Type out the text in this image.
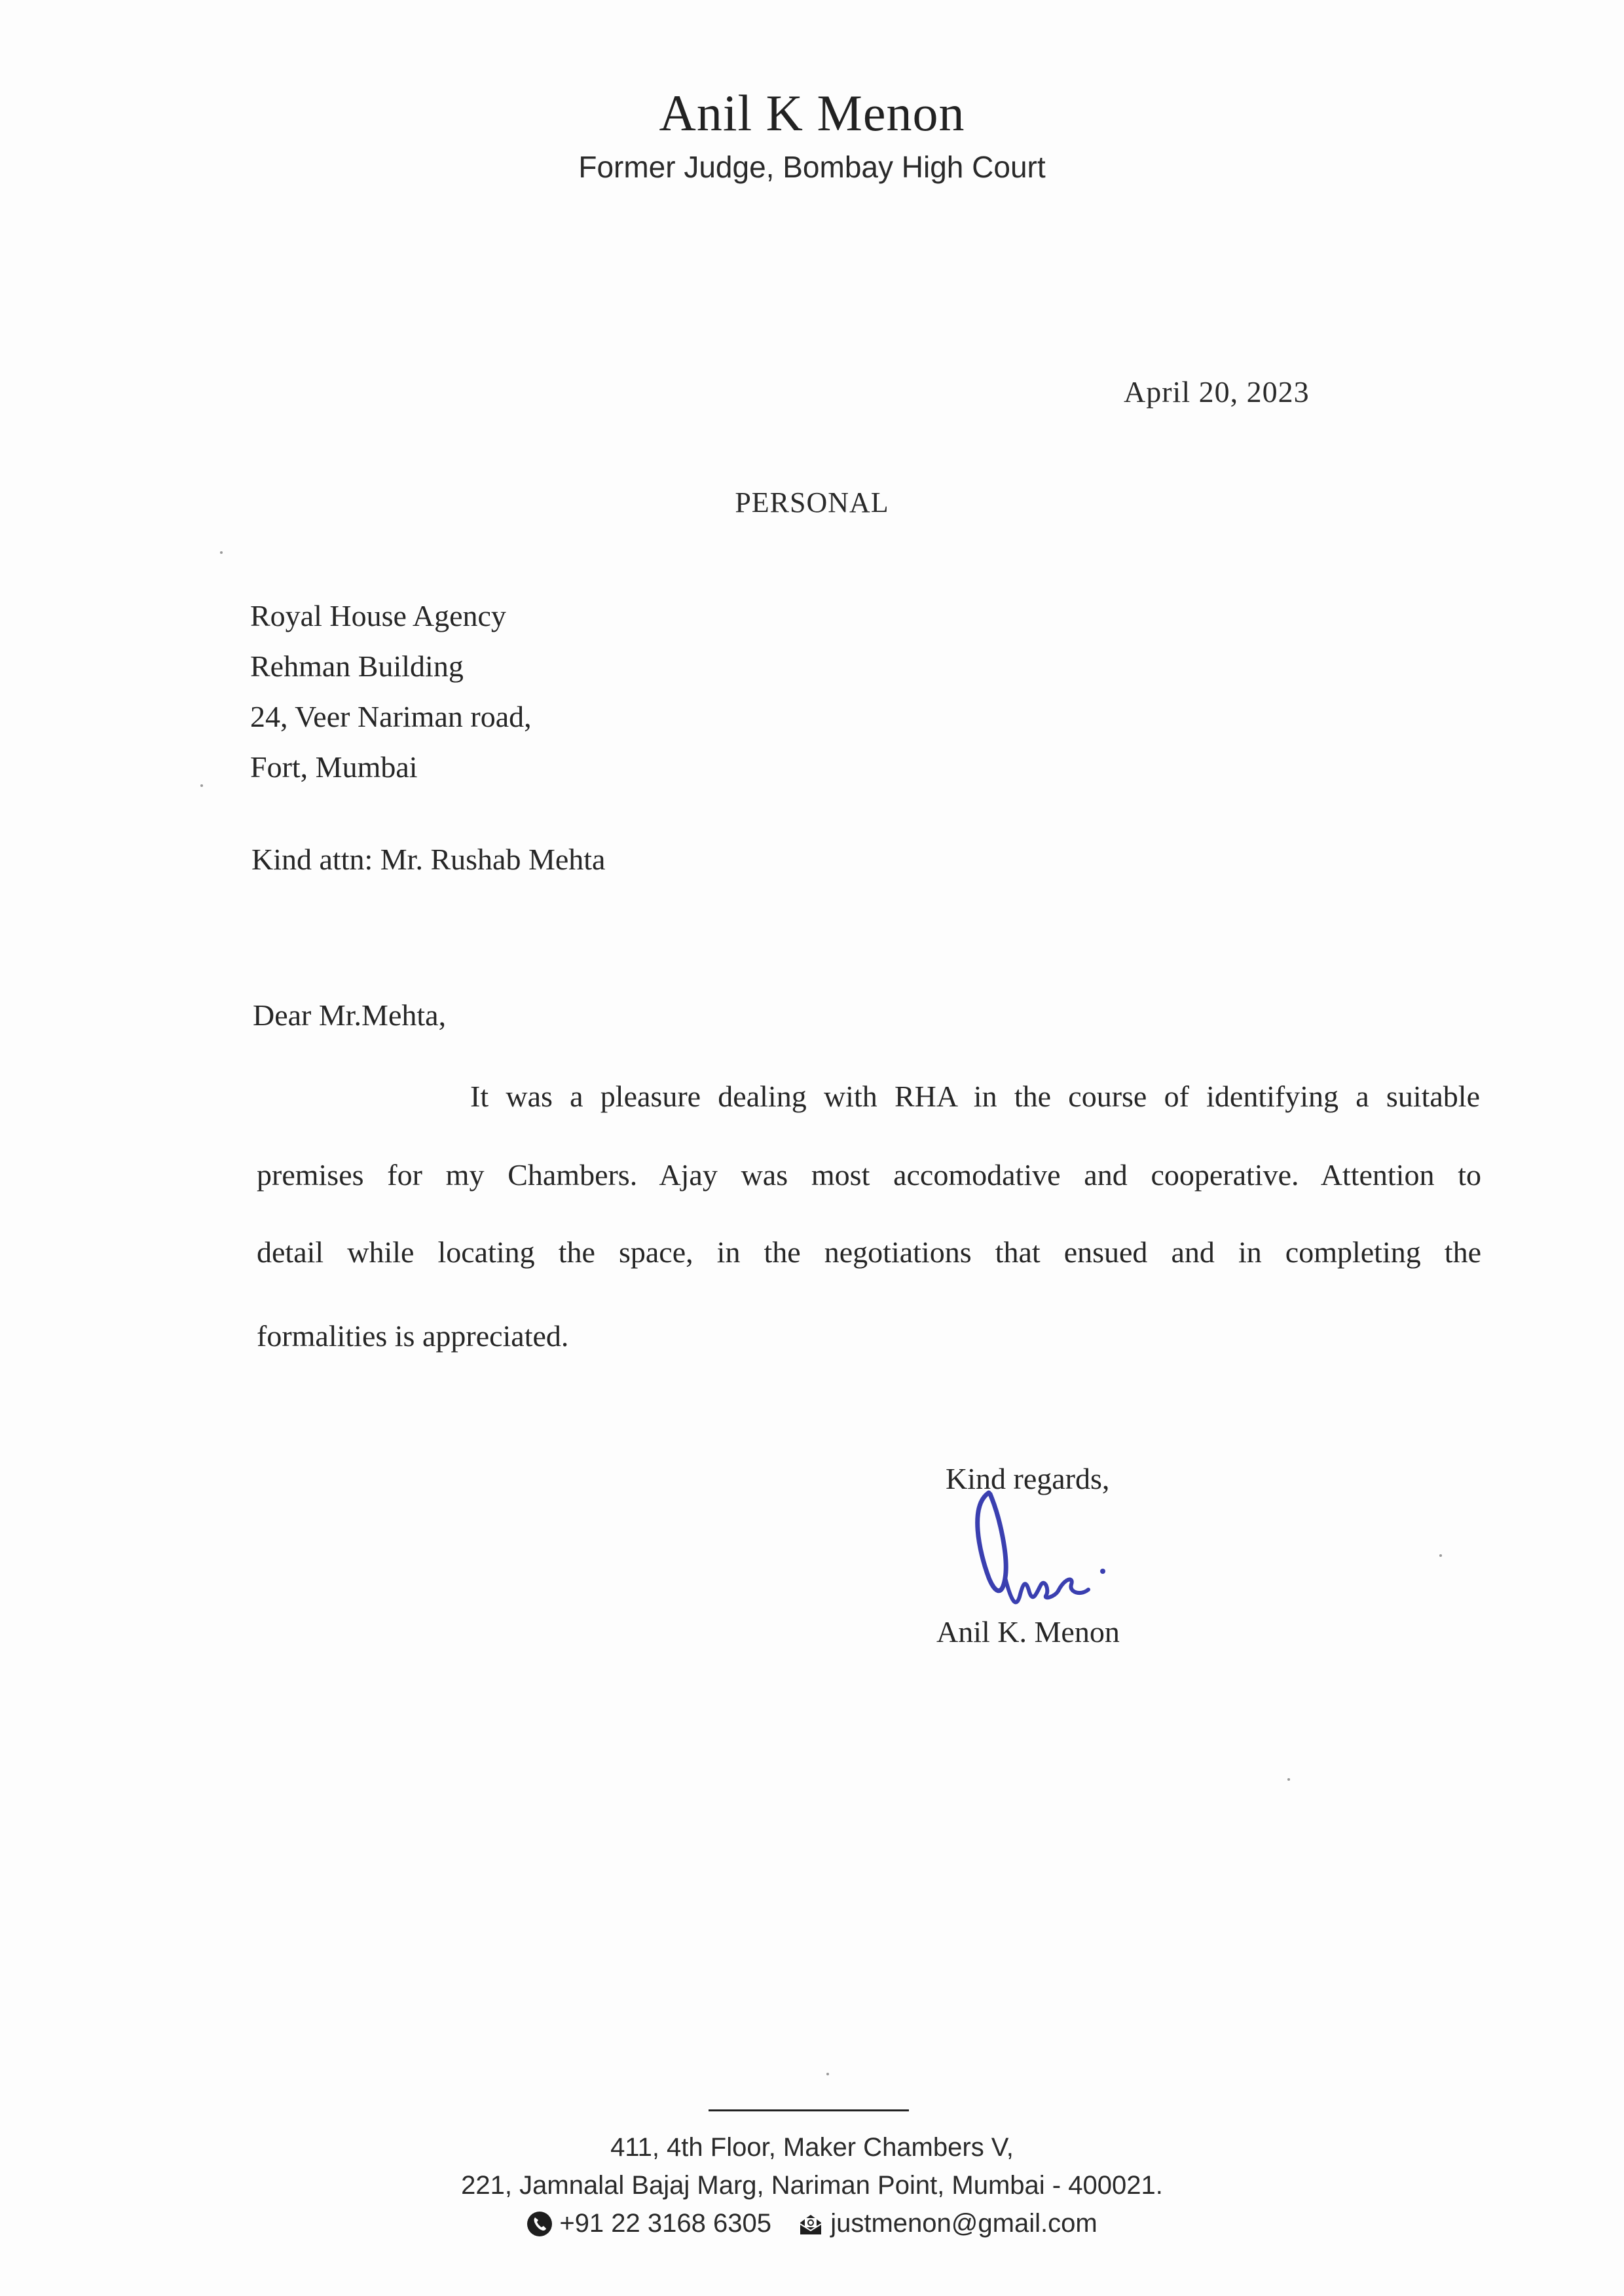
Anil K Menon
Former Judge, Bombay High Court
April 20, 2023
PERSONAL
Royal House Agency
Rehman Building
24, Veer Nariman road,
Fort, Mumbai
Kind attn: Mr. Rushab Mehta
Dear Mr.Mehta,
It was a pleasure dealing with RHA in the course of identifying a suitable
premises for my Chambers. Ajay was most accomodative and cooperative. Attention to
detail while locating the space, in the negotiations that ensued and in completing the
formalities is appreciated.
Kind regards,
Anil K. Menon
411, 4th Floor, Maker Chambers V,
221, Jamnalal Bajaj Marg, Nariman Point, Mumbai - 400021.
+91 22 3168 6305
justmenon@gmail.com
